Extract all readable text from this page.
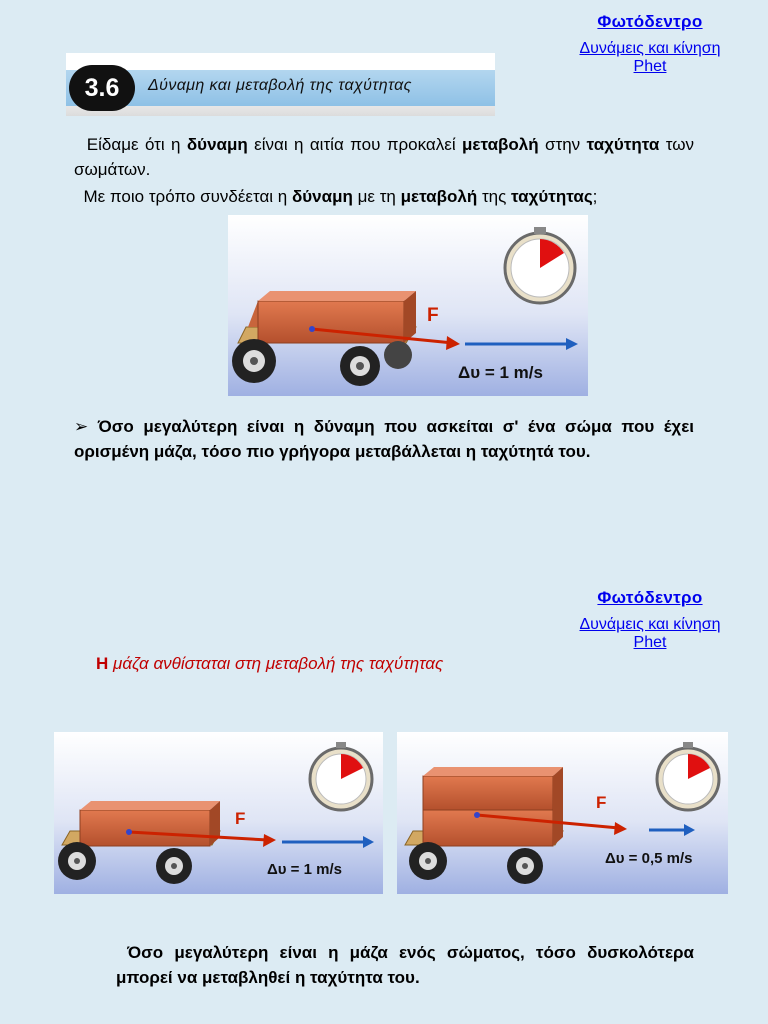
Φωτόδεντρο
Δυνάμεις και κίνηση
Phet
3.6	Δύναμη και μεταβολή της ταχύτητας
Είδαμε ότι η δύναμη είναι η αιτία που προκαλεί μεταβολή στην ταχύτητα των σωμάτων.
Με ποιο τρόπο συνδέεται η δύναμη με τη μεταβολή της ταχύτητας;
F
Δυ = 1 m/s
➢ Όσο μεγαλύτερη είναι η δύναμη που ασκείται σ' ένα σώμα που έχει ορισμένη μάζα, τόσο πιο γρήγορα μεταβάλλεται η ταχύτητά του.
Φωτόδεντρο
Δυνάμεις και κίνηση
Phet
Η μάζα ανθίσταται στη μεταβολή της ταχύτητας
F
Δυ = 1 m/s
F
Δυ = 0,5 m/s
Όσο μεγαλύτερη είναι η μάζα ενός σώματος, τόσο δυσκολότερα μπορεί να μεταβληθεί η ταχύτητα του.
